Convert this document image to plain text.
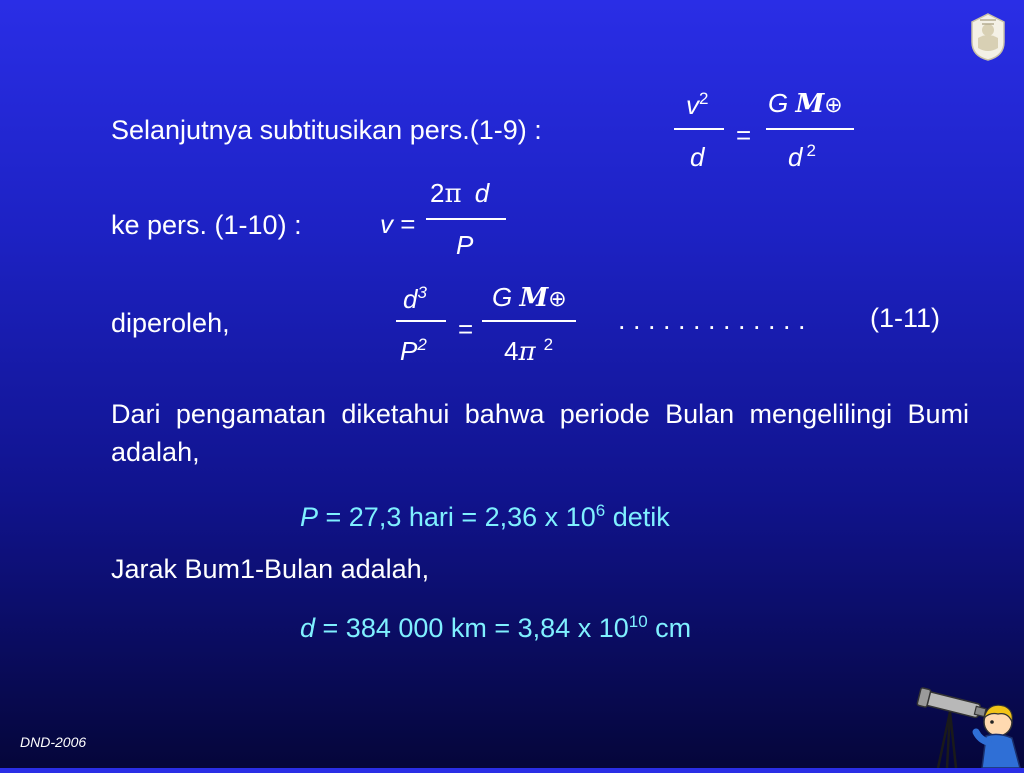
Selanjutnya subtitusikan pers.(1-9) :
$v^2$
d
=
G M⊕
d $^2$
ke pers. (1-10) :	v =
2π d
P
diperoleh,
$d^3$
$P^2$
=
G M⊕
4π $^2$
. . . . . . . . . . . . . (1-11)
Dari pengamatan diketahui bahwa periode Bulan mengelilingi Bumi adalah,
P = 27,3 hari = 2,36 x $10^6$ detik
Jarak Bum1-Bulan adalah,
d = 384 000 km = 3,84 x $10^{10}$ cm
DND-2006
